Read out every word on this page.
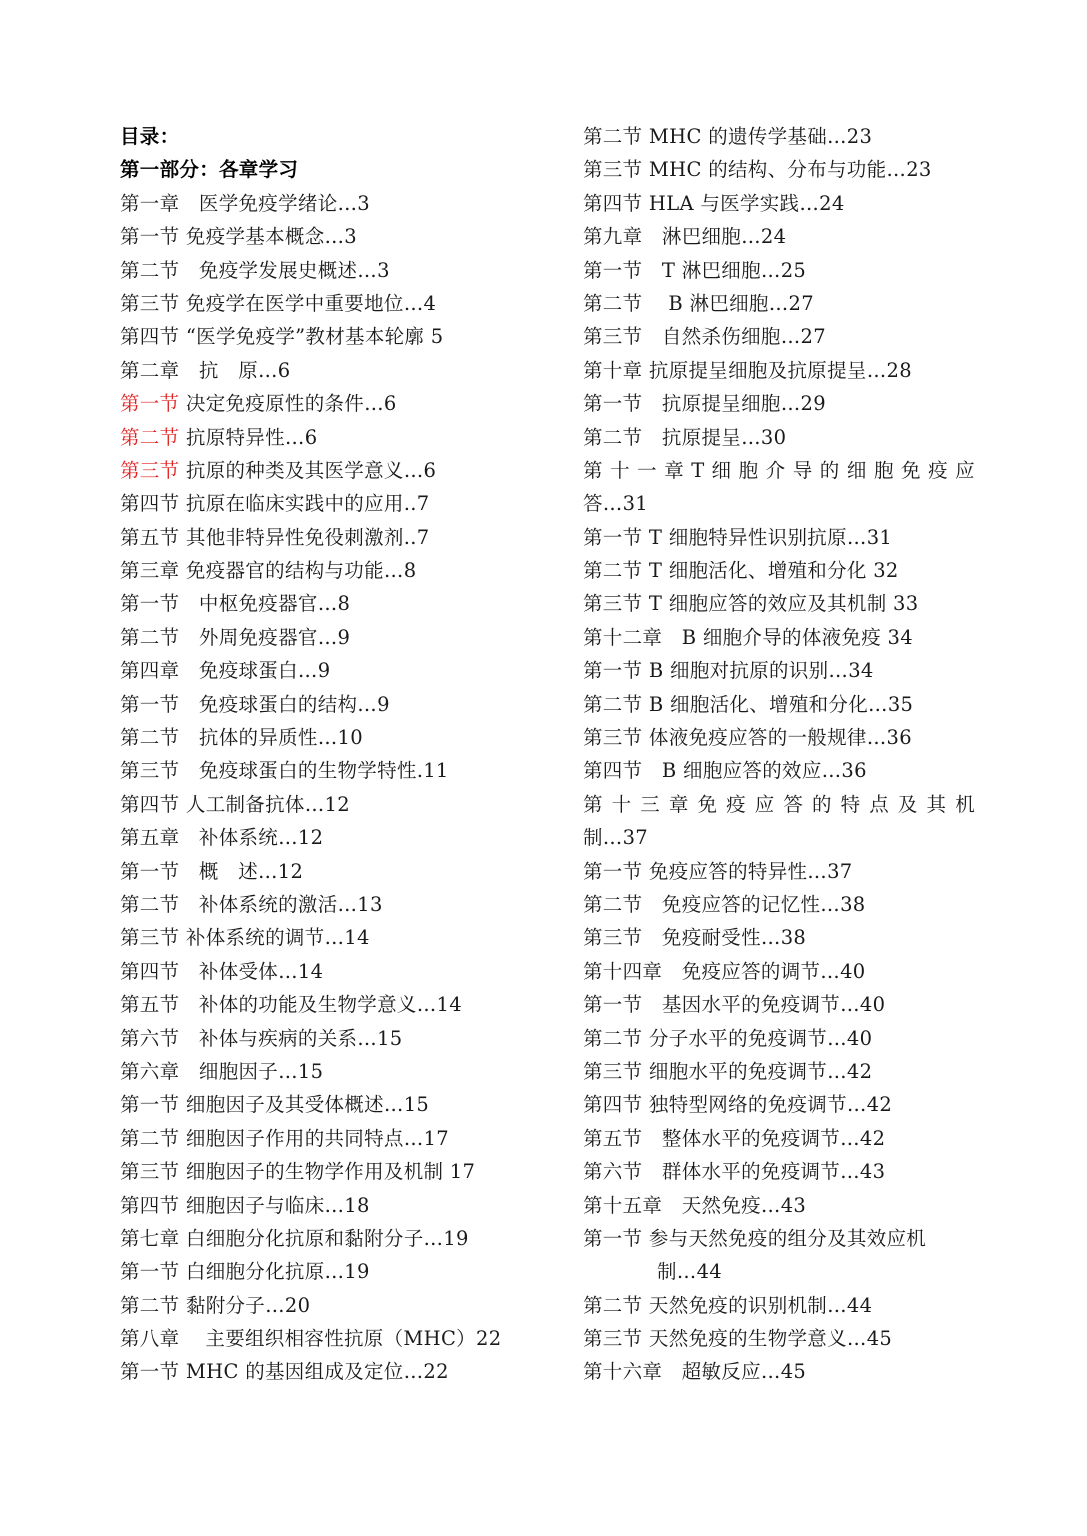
目录：
第一部分：各章学习
第一章   医学免疫学绪论…3
第一节 免疫学基本概念…3
第二节   免疫学发展史概述…3
第三节 免疫学在医学中重要地位…4
第四节 “医学免疫学”教材基本轮廓 5
第二章   抗   原…6
第一节 决定免疫原性的条件…6
第二节 抗原特异性…6
第三节 抗原的种类及其医学意义…6
第四节 抗原在临床实践中的应用..7
第五节 其他非特异性免役刺激剂..7
第三章 免疫器官的结构与功能…8
第一节   中枢免疫器官…8
第二节   外周免疫器官…9
第四章   免疫球蛋白…9
第一节   免疫球蛋白的结构…9
第二节   抗体的异质性…10
第三节   免疫球蛋白的生物学特性.11
第四节 人工制备抗体…12
第五章   补体系统…12
第一节   概   述…12
第二节   补体系统的激活…13
第三节 补体系统的调节…14
第四节   补体受体…14
第五节   补体的功能及生物学意义…14
第六节   补体与疾病的关系…15
第六章   细胞因子…15
第一节 细胞因子及其受体概述…15
第二节 细胞因子作用的共同特点…17
第三节 细胞因子的生物学作用及机制 17
第四节 细胞因子与临床…18
第七章 白细胞分化抗原和黏附分子…19
第一节 白细胞分化抗原…19
第二节 黏附分子…20
第八章    主要组织相容性抗原（MHC）22
第一节 MHC 的基因组成及定位…22
第二节 MHC 的遗传学基础…23
第三节 MHC 的结构、分布与功能…23
第四节 HLA 与医学实践…24
第九章   淋巴细胞…24
第一节   T 淋巴细胞…25
第二节    B 淋巴细胞…27
第三节   自然杀伤细胞…27
第十章 抗原提呈细胞及抗原提呈…28
第一节   抗原提呈细胞…29
第二节   抗原提呈…30
第 十 一 章 T 细 胞 介 导 的 细 胞 免 疫 应
答…31
第一节 T 细胞特异性识别抗原…31
第二节 T 细胞活化、增殖和分化 32
第三节 T 细胞应答的效应及其机制 33
第十二章   B 细胞介导的体液免疫 34
第一节 B 细胞对抗原的识别…34
第二节 B 细胞活化、增殖和分化…35
第三节 体液免疫应答的一般规律…36
第四节   B 细胞应答的效应…36
第 十 三 章 免 疫 应 答 的 特 点 及 其 机
制…37
第一节 免疫应答的特异性…37
第二节   免疫应答的记忆性…38
第三节   免疫耐受性…38
第十四章   免疫应答的调节…40
第一节   基因水平的免疫调节…40
第二节 分子水平的免疫调节…40
第三节 细胞水平的免疫调节…42
第四节 独特型网络的免疫调节…42
第五节   整体水平的免疫调节…42
第六节   群体水平的免疫调节…43
第十五章   天然免疫…43
第一节 参与天然免疫的组分及其效应机
制…44
第二节 天然免疫的识别机制…44
第三节 天然免疫的生物学意义…45
第十六章   超敏反应…45
